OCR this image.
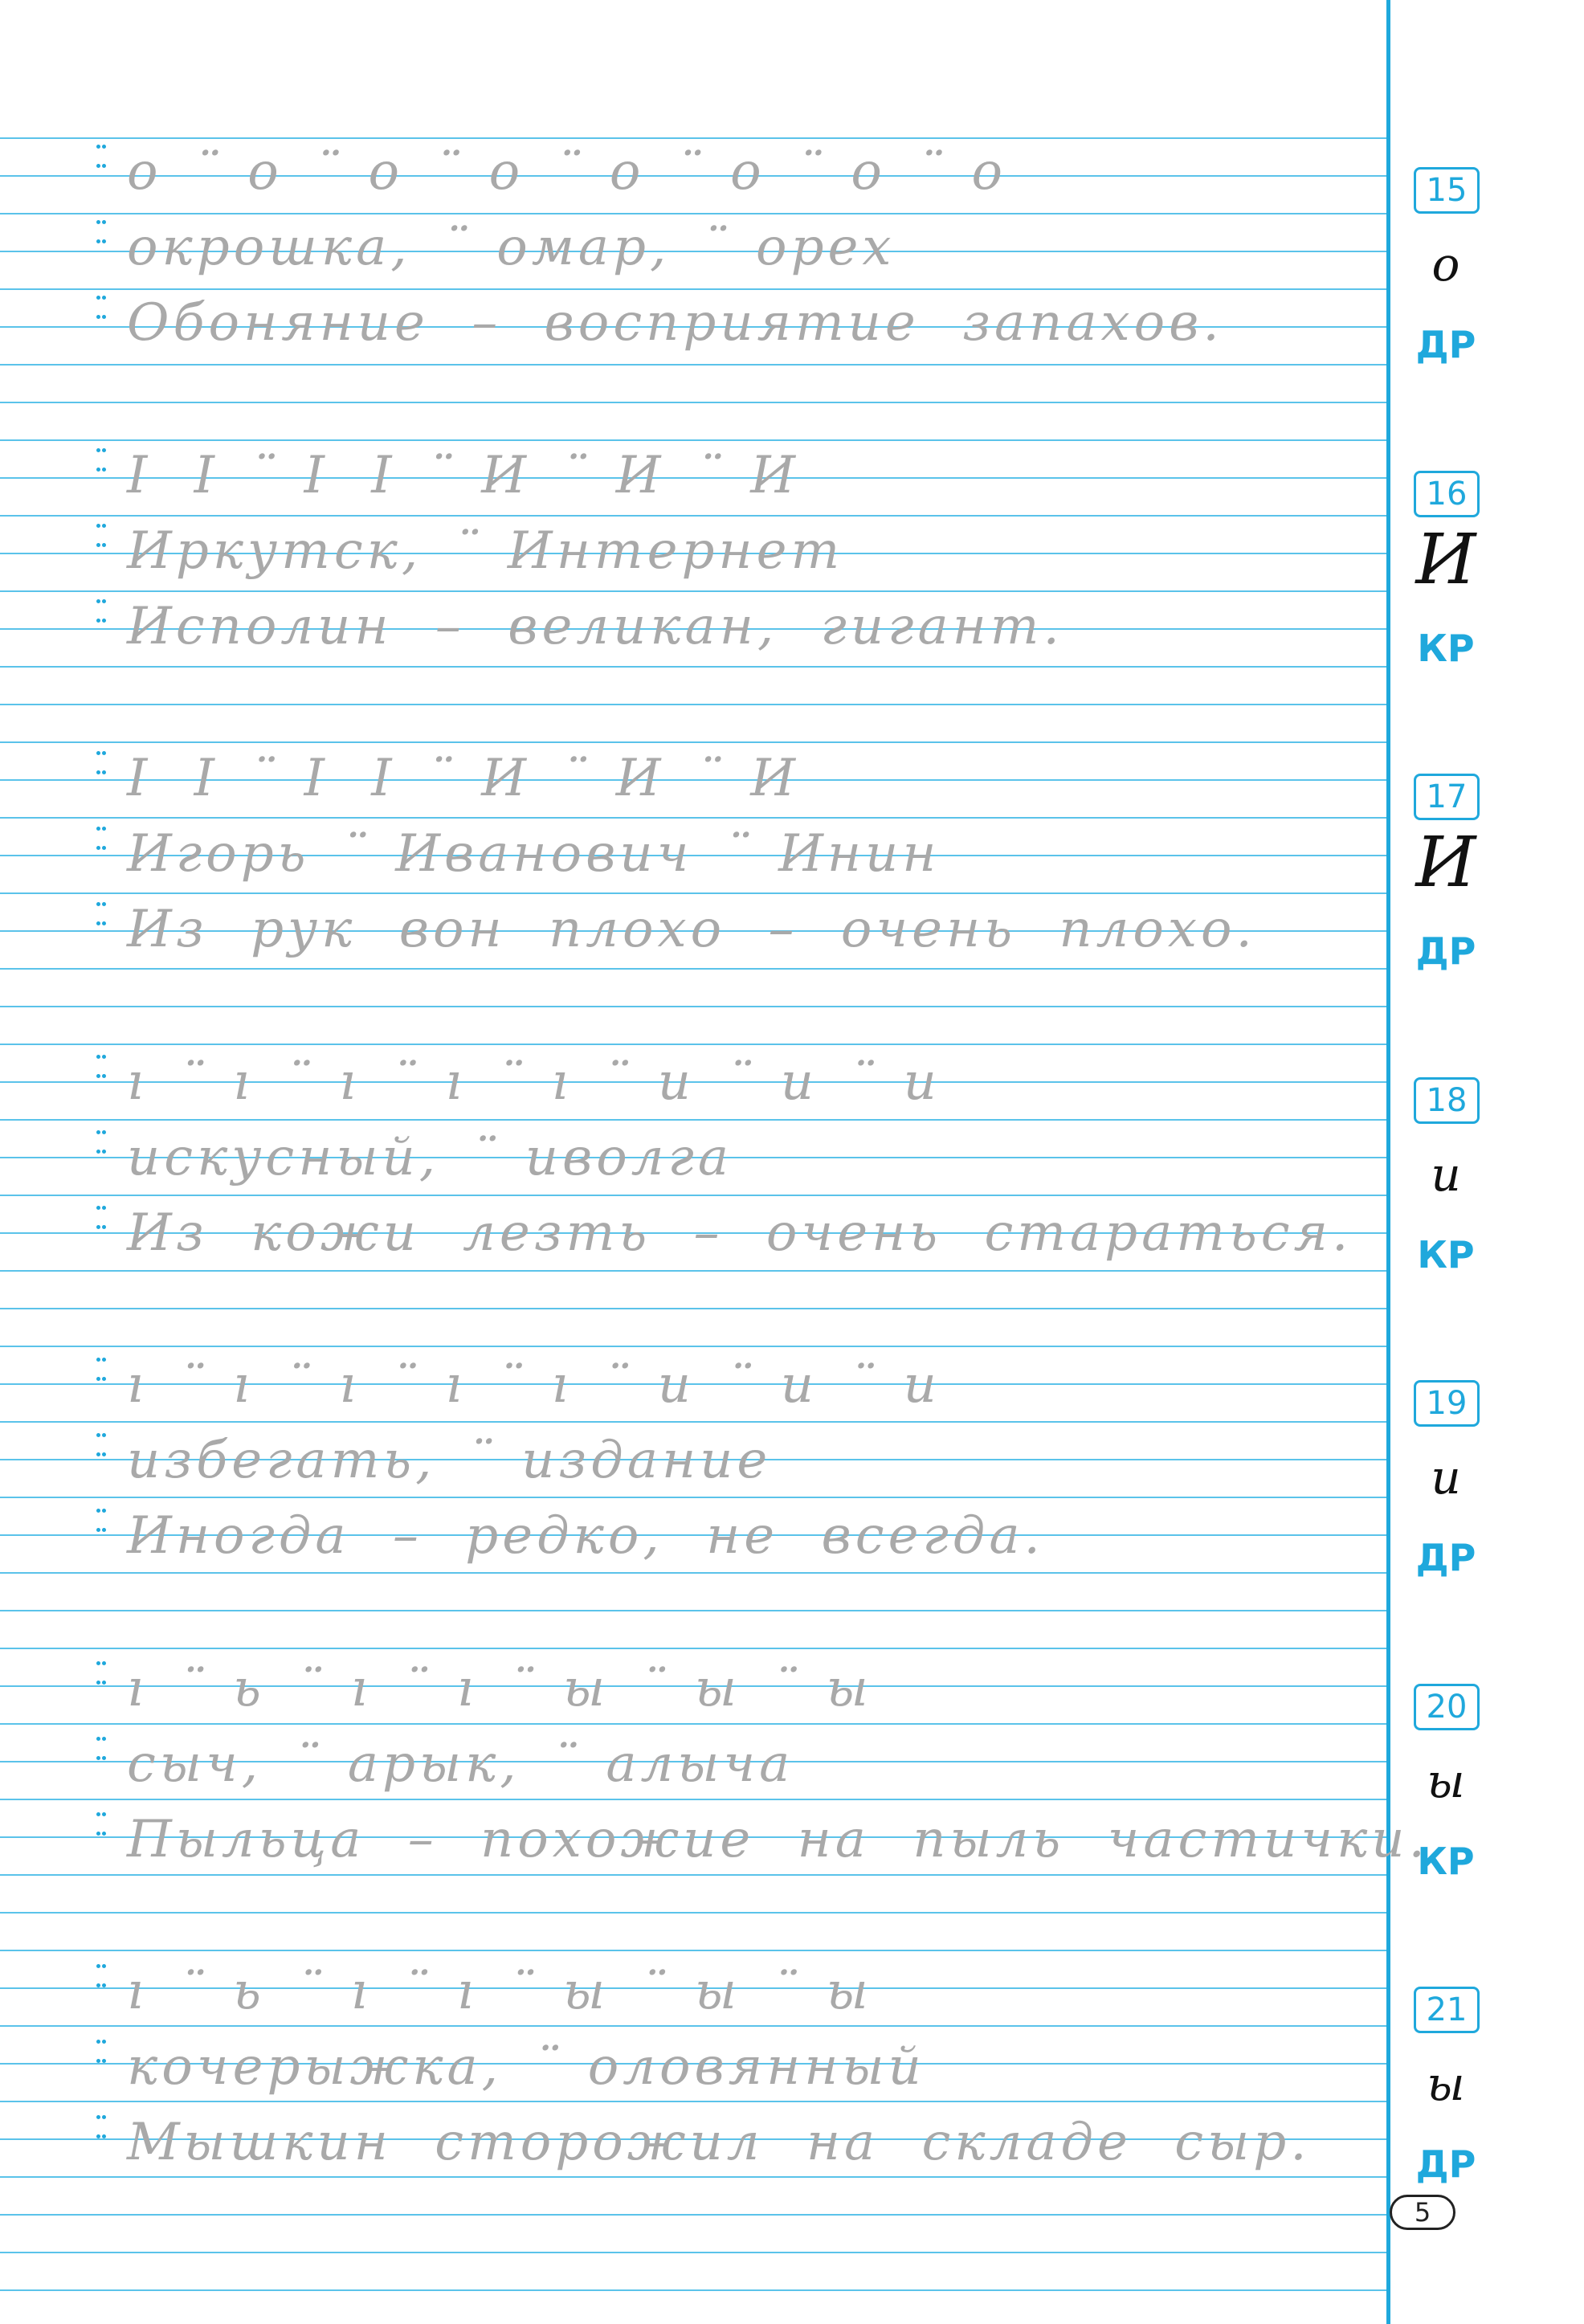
о  ̈о  ̈о  ̈о  ̈о  ̈о  ̈о  ̈о
окрошка,  ̈омар,  ̈орех
Обоняние – восприятие запахов.
15
о
ДР
І І  ̈І І  ̈И  ̈И  ̈И
Иркутск,  ̈Интернет
Исполин – великан, гигант.
16
И
КР
І І  ̈І І  ̈И  ̈И  ̈И
Игорь  ̈Иванович  ̈Инин
Из рук вон плохо – очень плохо.
17
И
ДР
ı  ̈ı  ̈ı  ̈ı  ̈ı  ̈и  ̈и  ̈и
искусный,  ̈иволга
Из кожи лезть – очень стараться.
18
и
КР
ı  ̈ı  ̈ı  ̈ı  ̈ı  ̈и  ̈и  ̈и
избегать,  ̈издание
Иногда – редко, не всегда.
19
и
ДР
ı  ̈ь  ̈ı  ̈ı  ̈ы  ̈ы  ̈ы
сыч,  ̈арык,  ̈алыча
Пыльца – похожие на пыль частички.
20
ы
КР
ı  ̈ь  ̈ı  ̈ı  ̈ы  ̈ы  ̈ы
кочерыжка,  ̈оловянный
Мышкин сторожил на складе сыр.
21
ы
ДР
5
